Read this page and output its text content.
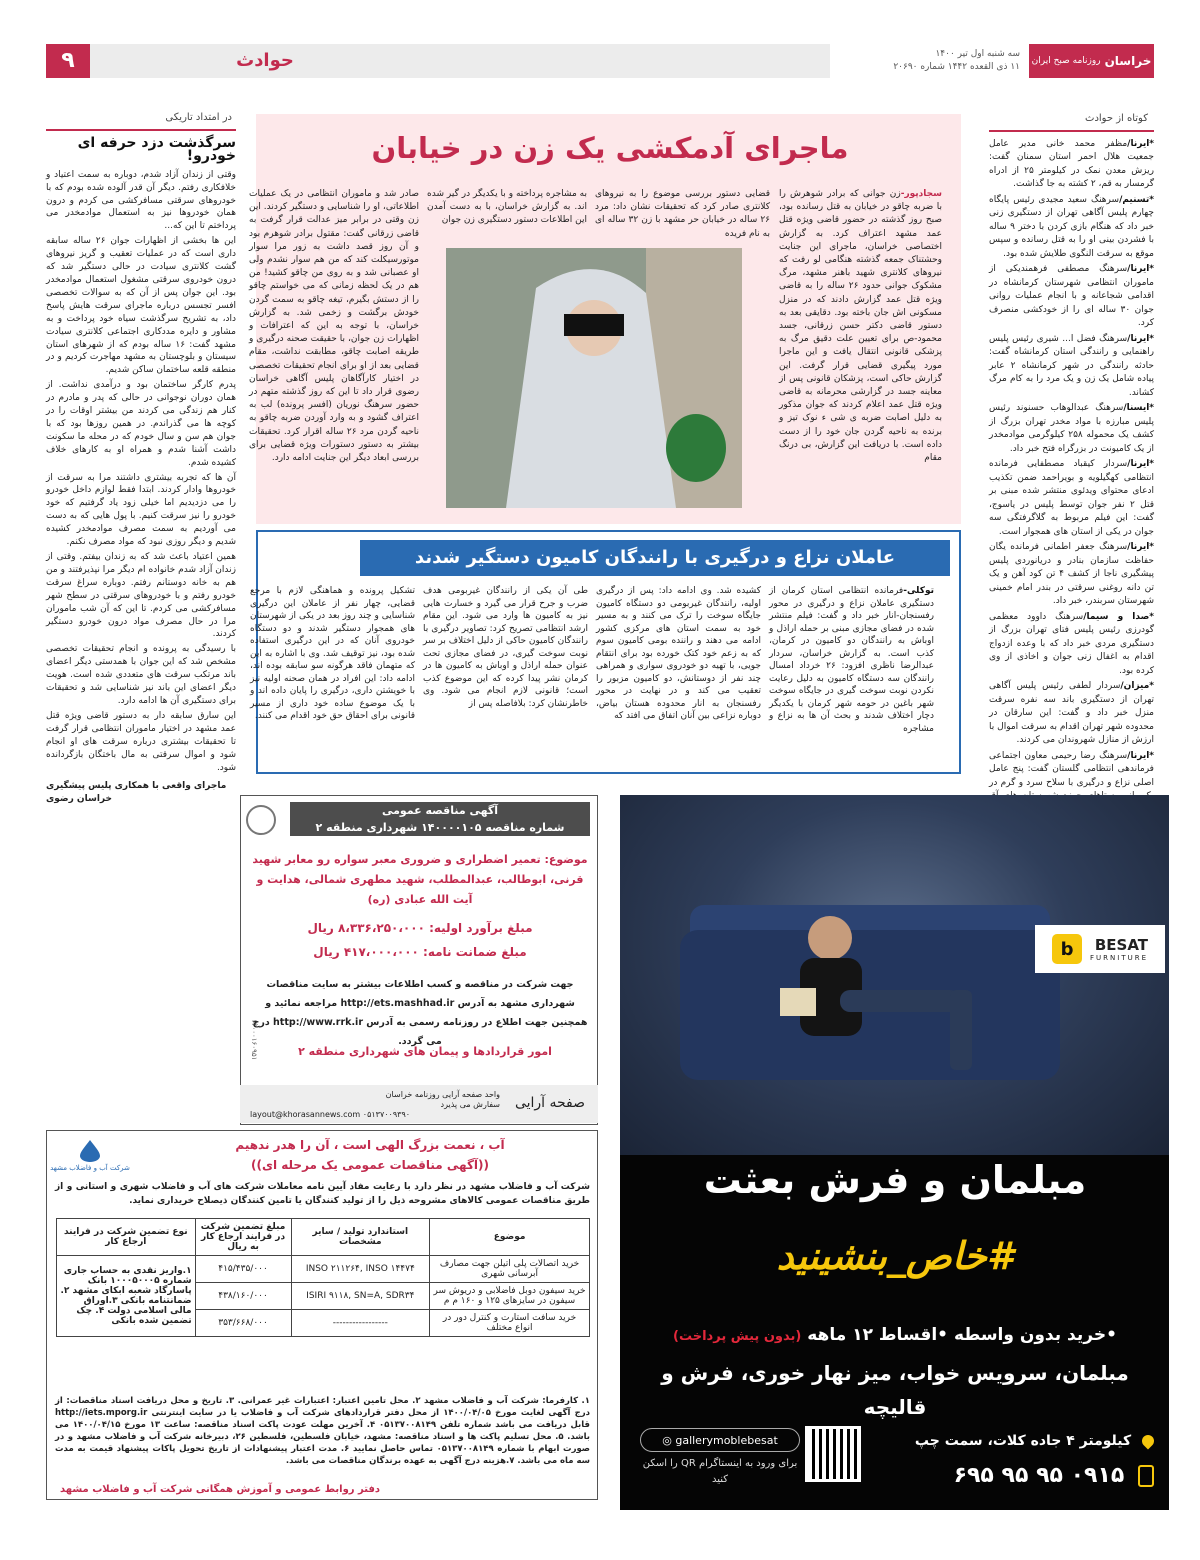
خراسان
روزنامه صبح ایران
سه شنبه اول تیر ۱۴۰۰
۱۱ ذی القعده ۱۴۴۲ شماره ۲۰۶۹۰
حوادث
۹
کوتاه از حوادث

*ایرنا/مظفر محمد خانی مدیر عامل جمعیت هلال احمر استان سمنان گفت: ریزش معدن نمک در کیلومتر ۲۵ از ادراه گرمسار به قم، ۲ کشته به جا گذاشت.

*تسنیم/سرهنگ سعید مجیدی رئیس پایگاه چهارم پلیس آگاهی تهران از دستگیری زنی خبر داد که هنگام بازی کردن با دختر ۹ ساله با فشردن بینی او را به قتل رسانده و سپس موقع به سرقت النگوی طلایش شده بود.

*ایرنا/سرهنگ مصطفی فرهمندیکی از ماموران انتظامی شهرستان کرمانشاه در اقدامی شجاعانه و با انجام عملیات روانی جوان ۳۰ ساله ای را از خودکشی منصرف کرد.

*ایرنا/سرهنگ فضل ا... شیری رئیس پلیس راهنمایی و رانندگی استان کرمانشاه گفت: حادثه رانندگی در شهر کرمانشاه ۲ عابر پیاده شامل یک زن و یک مرد را به کام مرگ کشاند.

*ایسنا/سرهنگ عبدالوهاب حسنوند رئیس پلیس مبارزه با مواد مخدر تهران بزرگ از کشف یک محموله ۲۵۸ کیلوگرمی موادمخدر از یک کامیونت در بزرگراه فتح خبر داد.

*ایرنا/سردار کیقباد مصطفایی فرمانده انتظامی کهگیلویه و بویراحمد ضمن تکذیب ادعای محتوای ویدئوی منتشر شده مبنی بر قتل ۲ نفر جوان توسط پلیس در یاسوج، گفت: این فیلم مربوط به گلاگرفتگی سه جوان در یکی از استان های همجوار است.

*ایرنا/سرهنگ جعفر اطمانی فرمانده یگان حفاظت سازمان بنادر و دریانوردی پلیس پیشگیری ناجا از کشف ۴ تن کود آهن و یک تن دانه روغنی سرقتی در بندر امام خمینی شهرستان سربندر، خبر داد.

*صدا و سیما/سرهنگ داوود معظمی گودرزی رئیس پلیس فتای تهران بزرگ از دستگیری مردی خبر داد که با وعده ازدواج اقدام به اغفال زنی جوان و اخاذی از وی کرده بود.

*میزان/سردار لطفی رئیس پلیس آگاهی تهران از دستگیری باند سه نفره سرقت منزل خبر داد و گفت: این سارقان در محدوده شهر تهران اقدام به سرقت اموال با ارزش از منازل شهروندان می کردند.

*ایرنا/سرهنگ رضا رحیمی معاون اجتماعی فرماندهی انتظامی گلستان گفت: پنج عامل اصلی نزاع و درگیری با سلاح سرد و گرم در

در امتداد تاریکی
سرگذشت دزد حرفه ای خودرو!

وقتی از زندان آزاد شدم، دوباره به سمت اعتیاد و خلافکاری رفتم. دیگر آن قدر آلوده شده بودم که با خودروهای سرقتی مسافرکشی می کردم و درون همان خودروها نیز به استعمال موادمخدر می پرداختم تا این که...

این ها بخشی از اظهارات جوان ۲۶ ساله سابقه داری است که در عملیات تعقیب و گریز نیروهای گشت کلانتری سیادت در حالی دستگیر شد که درون خودروی سرقتی مشغول استعمال موادمخدر بود. این جوان پس از آن که به سوالات تخصصی افسر تجسس درباره ماجرای سرقت هایش پاسخ داد، به تشریح سرگذشت سیاه خود پرداخت و به مشاور و دایره مددکاری اجتماعی کلانتری سیادت مشهد گفت: ۱۶ ساله بودم که از شهرهای استان سیستان و بلوچستان به مشهد مهاجرت کردیم و در منطقه قلعه ساختمان ساکن شدیم.

پدرم کارگر ساختمان بود و درآمدی نداشت. از همان دوران نوجوانی در حالی که پدر و مادرم در کنار هم زندگی می کردند من بیشتر اوقات را در کوچه ها می گذراندم. در همین روزها بود که با جوان هم سن و سال خودم که در محله ما سکونت داشت آشنا شدم و همراه او به کارهای خلاف کشیده شدم.

آن ها که تجربه بیشتری داشتند مرا به سرقت از خودروها وادار کردند. ابتدا فقط لوازم داخل خودرو را می دزدیدیم اما خیلی زود یاد گرفتیم که خود خودرو را نیز سرقت کنیم. با پول هایی که به دست می آوردیم به سمت مصرف موادمخدر کشیده شدیم و دیگر روزی نبود که مواد مصرف نکنم.

همین اعتیاد باعث شد که به زندان بیفتم. وقتی از زندان آزاد شدم خانواده ام دیگر مرا نپذیرفتند و من هم به خانه دوستانم رفتم. دوباره سراغ سرقت خودرو رفتم و با خودروهای سرقتی در سطح شهر مسافرکشی می کردم. تا این که آن شب ماموران مرا در حال مصرف مواد درون خودرو دستگیر کردند.

با رسیدگی به پرونده و انجام تحقیقات تخصصی مشخص شد که این جوان با همدستی دیگر اعضای باند مرتکب سرقت های متعددی شده است. هویت دیگر اعضای این باند نیز شناسایی شد و تحقیقات برای دستگیری آن ها ادامه دارد.

این سارق سابقه دار به دستور قاضی ویژه قتل عمد مشهد در اختیار ماموران انتظامی قرار گرفت تا تحقیقات بیشتری درباره سرقت های او انجام شود و اموال سرقتی به مال باختگان بازگردانده شود.

ماجرای واقعی با همکاری پلیس پیشگیری خراسان رضوی
ماجرای آدمکشی یک زن در خیابان

سجادپور-زن جوانی که برادر شوهرش را با ضربه چاقو در خیابان به قتل رسانده بود، صبح روز گذشته در حضور قاضی ویژه قتل عمد مشهد اعتراف کرد. به گزارش اختصاصی خراسان، ماجرای این جنایت وحشتناک جمعه گذشته هنگامی لو رفت که نیروهای کلانتری شهید باهنر مشهد، مرگ مشکوک جوانی حدود ۲۶ ساله را به قاضی ویژه قتل عمد گزارش دادند که در منزل مسکونی اش جان باخته بود. دقایقی بعد به دستور قاضی دکتر حسن زرقانی، جسد محمود-ص برای تعیین علت دقیق مرگ به پزشکی قانونی انتقال یافت و این ماجرا مورد پیگیری قضایی قرار گرفت. این گزارش حاکی است، پزشکان قانونی پس از معاینه جسد در گزارشی محرمانه به قاضی ویژه قتل عمد اعلام کردند که جوان مذکور به دلیل اصابت ضربه ی شی ء نوک تیز و برنده به ناحیه گردن جان خود را از دست داده است. با دریافت این گزارش، بی درنگ مقام

قضایی دستور بررسی موضوع را به نیروهای کلانتری صادر کرد که تحقیقات نشان داد: مرد ۲۶ ساله در خیابان حر مشهد با زن ۳۲ ساله ای به نام فریده

به مشاجره پرداخته و با یکدیگر در گیر شده اند. به گزارش خراسان، با به دست آمدن این اطلاعات دستور دستگیری زن جوان

صادر شد و ماموران انتظامی در یک عملیات اطلاعاتی، او را شناسایی و دستگیر کردند. این زن وقتی در برابر میز عدالت قرار گرفت به قاضی زرقانی گفت: مقتول برادر شوهرم بود و آن روز قصد داشت به زور مرا سوار موتورسیکلت کند که من هم سوار نشدم ولی او عصبانی شد و به روی من چاقو کشید! من هم در یک لحظه زمانی که می خواستم چاقو را از دستش بگیرم، تیغه چاقو به سمت گردن خودش برگشت و زخمی شد. به گزارش خراسان، با توجه به این که اعترافات و اظهارات زن جوان، با حقیقت صحنه درگیری و طریقه اصابت چاقو، مطابقت نداشت، مقام قضایی بعد از او برای انجام تحقیقات تخصصی در اختیار کارآگاهان پلیس آگاهی خراسان رضوی قرار داد تا این که روز گذشته متهم در حضور سرهنگ نوریان (افسر پرونده) لب به اعتراف گشود و به وارد آوردن ضربه چاقو به ناحیه گردن مرد ۲۶ ساله اقرار کرد. تحقیقات بیشتر به دستور دستورات ویژه قضایی برای بررسی ابعاد دیگر این جنایت ادامه دارد.

عاملان نزاع و درگیری با رانندگان کامیون دستگیر شدند

توکلی-فرمانده انتظامی استان کرمان از دستگیری عاملان نزاع و درگیری در محور رفسنجان-انار خبر داد و گفت: فیلم منتشر شده در فضای مجازی مبنی بر حمله اراذل و اوباش به رانندگان دو کامیون در کرمان، کذب است. به گزارش خراسان، سردار عبدالرضا ناظری افزود: ۲۶ خرداد امسال رانندگان سه دستگاه کامیون به دلیل رعایت نکردن نوبت سوخت گیری در جایگاه سوخت شهر باغین در حومه شهر کرمان با یکدیگر دچار اختلاف شدند و بحث آن ها به نزاع و مشاجره

کشیده شد. وی ادامه داد: پس از درگیری اولیه، رانندگان غیربومی دو دستگاه کامیون جایگاه سوخت را ترک می کنند و به مسیر خود به سمت استان های مرکزی کشور ادامه می دهند و راننده بومی کامیون سوم که به زعم خود کتک خورده بود برای انتقام جویی، با تهیه دو خودروی سواری و همراهی چند نفر از دوستانش، دو کامیون مزبور را تعقیب می کند و در نهایت در محور رفسنجان به انار محدوده هستان بیاض، دوباره نزاعی بین آنان اتفاق می افتد که

طی آن یکی از رانندگان غیربومی هدف ضرب و جرح قرار می گیرد و خسارت هایی نیز به کامیون ها وارد می شود. این مقام ارشد انتظامی تصریح کرد: تصاویر درگیری با رانندگان کامیون حاکی از دلیل اختلاف بر سر نوبت سوخت گیری، در فضای مجازی تحت عنوان حمله اراذل و اوباش به کامیون ها در کرمان نشر پیدا کرده که این موضوع کذب است؛ قانونی لازم انجام می شود. وی خاطرنشان کرد: بلافاصله پس از

تشکیل پرونده و هماهنگی لازم با مرجع قضایی، چهار نفر از عاملان این درگیری شناسایی و چند روز بعد در یکی از شهرستان های همجوار دستگیر شدند و دو دستگاه خودروی آنان که در این درگیری استفاده شده بود، نیز توقیف شد. وی با اشاره به این که متهمان فاقد هرگونه سو سابقه بوده اند، ادامه داد: این افراد در همان صحنه اولیه نیز با خویشتن داری، درگیری را پایان داده اند و با یک موضوع ساده خود داری از مسیر قانونی برای احقاق حق خود اقدام می کنند.

آگهی مناقصه عمومی
شماره مناقصه ۱۴۰۰۰۰۱۰۵ شهرداری منطقه ۲
موضوع: تعمیر اضطراری و ضروری معبر سواره رو معابر شهید قرنی، ابوطالب، عبدالمطلب، شهید مطهری شمالی، هدایت و آیت الله عبادی (ره)
مبلغ برآورد اولیه: ۸،۳۳۶،۲۵۰،۰۰۰ ریال
مبلغ ضمانت نامه: ۴۱۷،۰۰۰،۰۰۰ ریال
جهت شرکت در مناقصه و کسب اطلاعات بیشتر به سایت مناقصات شهرداری مشهد به آدرس http://ets.mashhad.ir مراجعه نمائید و همچنین جهت اطلاع در روزنامه رسمی به آدرس http://www.rrk.ir درج می گردد.
امور قراردادها و پیمان های شهرداری منطقه ۲
۱۴۰۰۰۱۶۰۹۵۱
صفحه آرایی
واحد صفحه آرایی روزنامه خراسان
سفارش می پذیرد
layout@khorasannews.com ۰۵۱۳۷۰۰۹۳۹۰
شرکت آب و فاضلاب مشهد
آب ، نعمت بزرگ الهی است ، آن را هدر ندهیم
((آگهی مناقصات عمومی یک مرحله ای))
شرکت آب و فاضلاب مشهد در نظر دارد با رعایت مفاد آیین نامه معاملات شرکت های آب و فاضلاب شهری و استانی و از طریق مناقصات عمومی کالاهای مشروحه ذیل را از تولید کنندگان یا تامین کنندگان ذیصلاح خریداری نماید.
موضوع	استاندارد تولید / سایر مشخصات	مبلغ تضمین شرکت در فرایند ارجاع کار به ریال	نوع تضمین شرکت در فرایند ارجاع کار
خرید اتصالات پلی اتیلن جهت مصارف آبرسانی شهری	INSO ۲۱۱۲۶۴, INSO ۱۴۴۷۴	۴۱۵/۴۳۵/۰۰۰	۱.واریز نقدی به حساب جاری شماره ۱۰۰۰۵۰۰۰۵ بانک پاسارگاد شعبه ابکای مشهد ۲. ضمانتنامه بانکی ۳.اوراق مالی اسلامی دولت ۴. چک تضمین شده بانکی
خرید سیفون دوبل فاضلابی و دریوش سر سیفون در سایزهای ۱۲۵ و ۱۶۰ م م	ISIRI ۹۱۱۸, SN=A, SDR۳۴	۴۳۸/۱۶۰/۰۰۰	
خرید سافت استارت و کنترل دور در انواع مختلف	-----------------	۳۵۳/۶۶۸/۰۰۰	
۱. کارفرما: شرکت آب و فاضلاب مشهد ۲. محل تامین اعتبار: اعتبارات غیر عمرانی. ۳. تاریخ و محل دریافت اسناد مناقصات: از درج آگهی لغایت مورخ ۱۴۰۰/۰۴/۰۵ از محل دفتر قراردادهای شرکت آب و فاضلاب یا در سایت اینترنتی http://iets.mporg.ir قابل دریافت می باشد شماره تلفن ۰۵۱۳۷۰۰۸۱۴۹ ۴. آخرین مهلت عودت پاکت اسناد مناقصه: ساعت ۱۳ مورخ ۱۴۰۰/۰۴/۱۵ می باشد. ۵. محل تسلیم پاکت ها و اسناد مناقصه: مشهد، خیابان فلسطین، فلسطین ۲۶، دبیرخانه شرکت آب و فاضلاب مشهد و در صورت ابهام با شماره ۰۵۱۳۷۰۰۸۱۴۹ تماس حاصل نمایید ۶. مدت اعتبار پیشنهادات از تاریخ تحویل پاکات پیشنهاد قیمت به مدت سه ماه می باشد. ۷.هزینه درج آگهی به عهده برندگان مناقصات می باشد.
دفتر روابط عمومی و آموزش همگانی شرکت آب و فاضلاب مشهد
BESAT
FURNITURE
b
مبلمان و فرش بعثت
#خاص_بنشینید
•خرید بدون واسطه •اقساط ۱۲ ماهه (بدون پیش پرداخت)
مبلمان، سرویس خواب، میز نهار خوری، فرش و قالیچه
کیلومتر ۴ جاده کلات، سمت چپ
۰۹۱۵ ۹۵ ۹۵ ۶۹۵
◎ gallerymoblebesat
برای ورود به اینستاگرام QR را اسکن کنید
